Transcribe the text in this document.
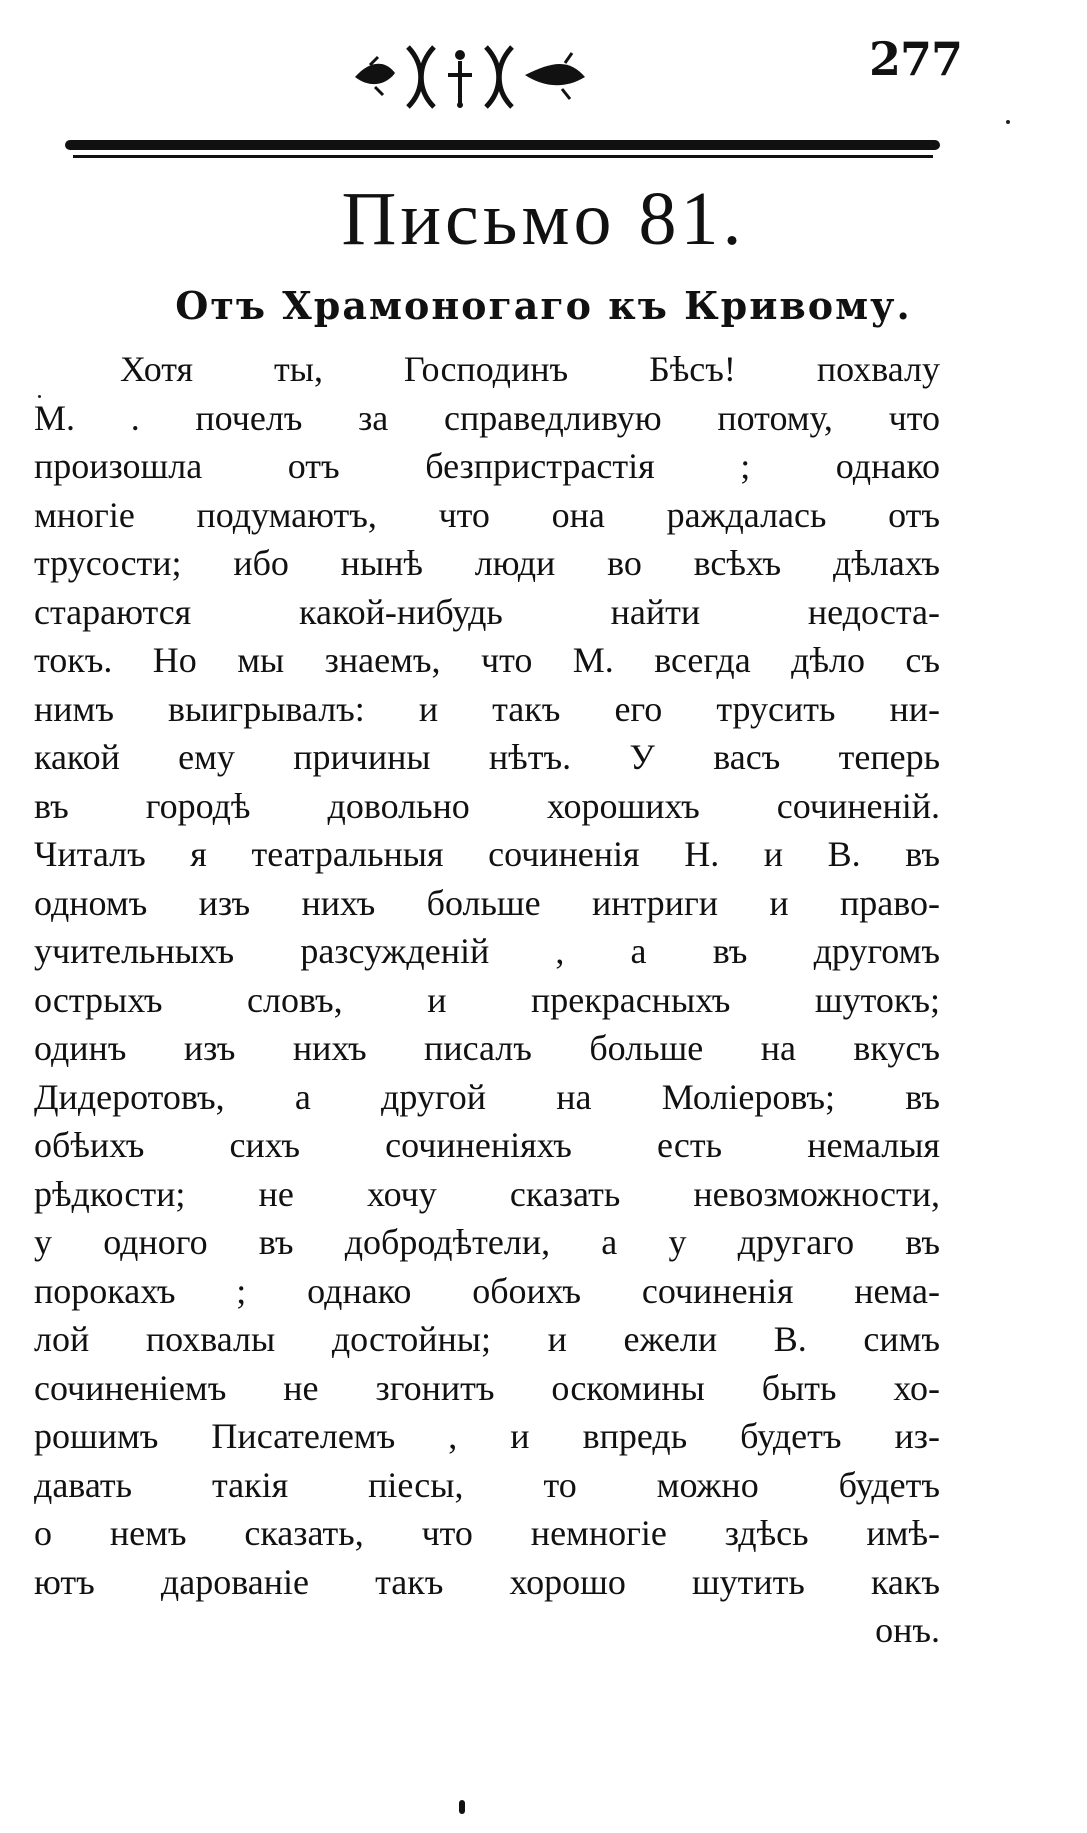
277
Письмо 81.
Отъ Храмоногаго къ Кривому.
Хотя ты, Господинъ Бѣсъ! похвалу
М. . почелъ за справедливую потому, что
произошла отъ безпристрастiя ; однако
многiе подумаютъ, что она раждалась отъ
трусости; ибо нынѣ люди во всѣхъ дѣлахъ
стараются какой-нибудь найти недоста-
токъ. Но мы знаемъ, что М. всегда дѣло съ
нимъ выигрывалъ: и такъ его трусить ни-
какой ему причины нѣтъ. У васъ теперь
въ городѣ довольно хорошихъ сочиненiй.
Читалъ я театральныя сочиненiя Н. и В. въ
одномъ изъ нихъ больше интриги и право-
учительныхъ разсужденiй , а въ другомъ
острыхъ словъ, и прекрасныхъ шутокъ;
одинъ изъ нихъ писалъ больше на вкусъ
Дидеротовъ, а другой на Молiеровъ; въ
обѣихъ сихъ сочиненiяхъ есть немалыя
рѣдкости; не хочу сказать невозможности,
у одного въ добродѣтели, а у другаго въ
порокахъ ; однако обоихъ сочиненiя нема-
лой похвалы достойны; и ежели В. симъ
сочиненiемъ не згонитъ оскомины быть хо-
рошимъ Писателемъ , и впредь будетъ из-
давать такiя пiесы, то можно будетъ
о немъ сказать, что немногiе здѣсь имѣ-
ютъ дарованiе такъ хорошо шутить какъ
онъ.
